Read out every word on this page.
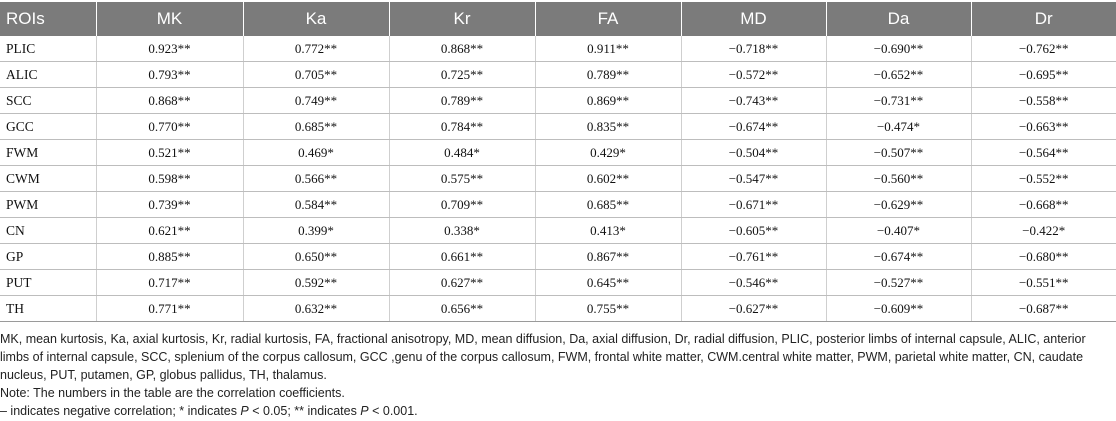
ROIs	MK	Ka	Kr	FA	MD	Da	Dr
PLIC	0.923**	0.772**	0.868**	0.911**	−0.718**	−0.690**	−0.762**
ALIC	0.793**	0.705**	0.725**	0.789**	−0.572**	−0.652**	−0.695**
SCC	0.868**	0.749**	0.789**	0.869**	−0.743**	−0.731**	−0.558**
GCC	0.770**	0.685**	0.784**	0.835**	−0.674**	−0.474*	−0.663**
FWM	0.521**	0.469*	0.484*	0.429*	−0.504**	−0.507**	−0.564**
CWM	0.598**	0.566**	0.575**	0.602**	−0.547**	−0.560**	−0.552**
PWM	0.739**	0.584**	0.709**	0.685**	−0.671**	−0.629**	−0.668**
CN	0.621**	0.399*	0.338*	0.413*	−0.605**	−0.407*	−0.422*
GP	0.885**	0.650**	0.661**	0.867**	−0.761**	−0.674**	−0.680**
PUT	0.717**	0.592**	0.627**	0.645**	−0.546**	−0.527**	−0.551**
TH	0.771**	0.632**	0.656**	0.755**	−0.627**	−0.609**	−0.687**

MK, mean kurtosis, Ka, axial kurtosis, Kr, radial kurtosis, FA, fractional anisotropy, MD, mean diffusion, Da, axial diffusion, Dr, radial diffusion, PLIC, posterior limbs of internal capsule, ALIC, anterior limbs of internal capsule, SCC, splenium of the corpus callosum, GCC ,genu of the corpus callosum, FWM, frontal white matter, CWM.central white matter, PWM, parietal white matter, CN, caudate nucleus, PUT, putamen, GP, globus pallidus, TH, thalamus.

Note: The numbers in the table are the correlation coefficients.

– indicates negative correlation; * indicates P < 0.05; ** indicates P < 0.001.
